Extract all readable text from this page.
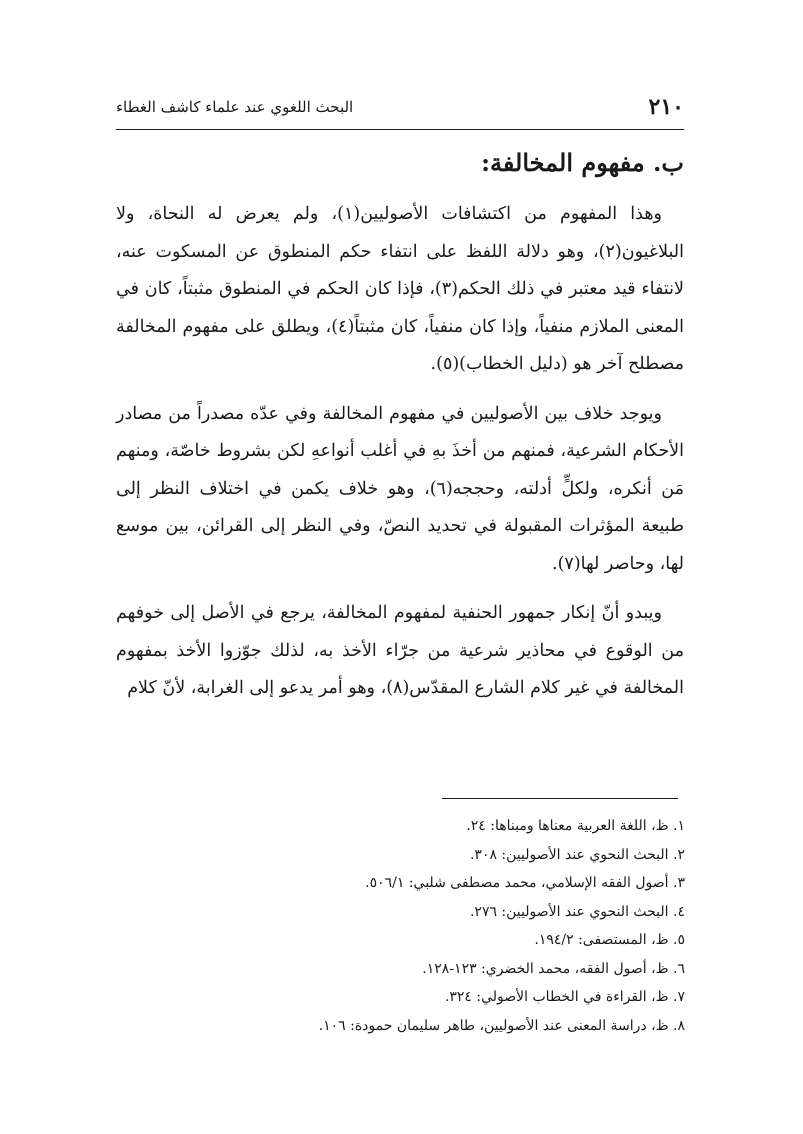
٢١٠
البحث اللغوي عند علماء كاشف الغطاء
ب. مفهوم المخالفة:

وهذا المفهوم من اكتشافات الأصوليين(١)، ولم يعرض له النحاة، ولا البلاغيون(٢)، وهو دلالة اللفظ على انتفاء حكم المنطوق عن المسكوت عنه، لانتفاء قيد معتبر في ذلك الحكم(٣)، فإذا كان الحكم في المنطوق مثبتاً، كان في المعنى الملازم منفياً، وإذا كان منفياً، كان مثبتاً(٤)، ويطلق على مفهوم المخالفة مصطلح آخر هو (دليل الخطاب)(٥).

ويوجد خلاف بين الأصوليين في مفهوم المخالفة وفي عدّه مصدراً من مصادر الأحكام الشرعية، فمنهم من أخذَ بهِ في أغلب أنواعهِ لكن بشروط خاصّة، ومنهم مَن أنكره، ولكلٍّ أدلته، وحججه(٦)، وهو خلاف يكمن في اختلاف النظر إلى طبيعة المؤثرات المقبولة في تحديد النصّ، وفي النظر إلى القرائن، بين موسع لها، وحاصر لها(٧).

ويبدو أنّ إنكار جمهور الحنفية لمفهوم المخالفة، يرجع في الأصل إلى خوفهم من الوقوع في محاذير شرعية من جرّاء الأخذ به، لذلك جوّزوا الأخذ بمفهوم المخالفة في غير كلام الشارع المقدّس(٨)، وهو أمر يدعو إلى الغرابة، لأنّ كلام

١. ظ، اللغة العربية معناها ومبناها: ٢٤.
٢. البحث النحوي عند الأصوليين: ٣٠٨.
٣. أصول الفقه الإسلامي، محمد مصطفى شلبي: ٥٠٦/١.
٤. البحث النحوي عند الأصوليين: ٢٧٦.
٥. ظ، المستصفى: ١٩٤/٢.
٦. ظ، أصول الفقه، محمد الخضري: ١٢٣-١٢٨.
٧. ظ، القراءة في الخطاب الأصولي: ٣٢٤.
٨. ظ، دراسة المعنى عند الأصوليين، طاهر سليمان حمودة: ١٠٦.
